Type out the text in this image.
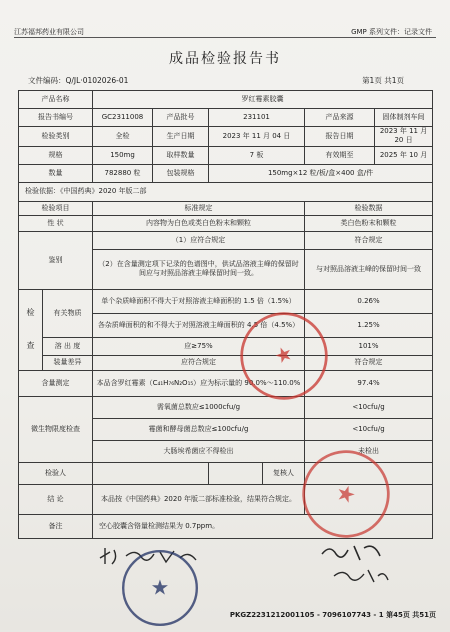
江苏福邦药业有限公司	GMP 系列文件：记录文件
成品检验报告书
文件编码：Q/JL·0102026-01	第1页 共1页
产品名称		罗红霉素胶囊					
报告书编号		GC2311008	产品批号	231101		产品来源	固体制剂车间
检验类别		全检	生产日期	2023 年 11 月 04 日		报告日期	2023 年 11 月 20 日
规格		150mg	取样数量	7 板		有效期至	2025 年 10 月
数量		782880 粒	包装规格	150mg×12 粒/板/盒×400 盒/件			
检验依据：《中国药典》2020 年版二部							
检验项目		标准规定				检验数据	
性 状		内容物为白色或类白色粉末和颗粒				类白色粉末和颗粒	
鉴别		（1）应符合规定				符合规定	
		（2）在含量测定项下记录的色谱图中，供试品溶液主峰的保留时间应与对照品溶液主峰保留时间一致。				与对照品溶液主峰的保留时间一致	
检

查	有关物质	单个杂质峰面积不得大于对照溶液主峰面积的 1.5 倍（1.5%）				0.26%	
		各杂质峰面积的和不得大于对照溶液主峰面积的 4.5 倍（4.5%）				1.25%	
	溶 出 度	应≥75%				101%	
	装量差异	应符合规定				符合规定	
含量测定		本品含罗红霉素（C₄₁H₇₆N₂O₁₅）应为标示量的 90.0%～110.0%				97.4%	
微生物限度检查		需氧菌总数应≤1000cfu/g				<10cfu/g	
		霉菌和酵母菌总数应≤100cfu/g				<10cfu/g	
		大肠埃希菌应不得检出				未检出	
检验人					复核人		
结 论		本品按《中国药典》2020 年版二部标准检验，结果符合规定。					
备注		空心胶囊含铬量检测结果为 0.7ppm。					
★
★
★
PKGZ2231212001105 - 7096107743 - 1 第45页 共51页
